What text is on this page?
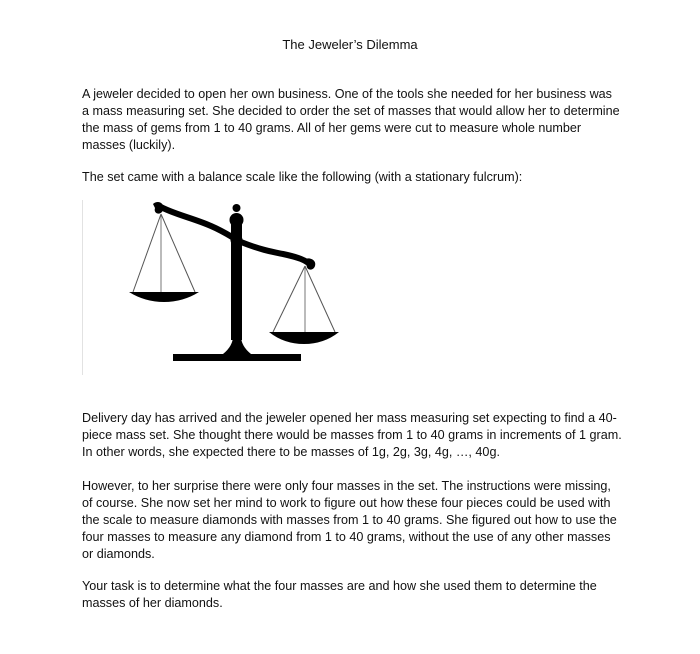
The Jeweler’s Dilemma

A jeweler decided to open her own business. One of the tools she needed for her business was a mass measuring set. She decided to order the set of masses that would allow her to determine the mass of gems from 1 to 40 grams. All of her gems were cut to measure whole number masses (luckily).

The set came with a balance scale like the following (with a stationary fulcrum):

Delivery day has arrived and the jeweler opened her mass measuring set expecting to find a 40-piece mass set. She thought there would be masses from 1 to 40 grams in increments of 1 gram. In other words, she expected there to be masses of 1g, 2g, 3g, 4g, …, 40g.

However, to her surprise there were only four masses in the set. The instructions were missing, of course. She now set her mind to work to figure out how these four pieces could be used with the scale to measure diamonds with masses from 1 to 40 grams. She figured out how to use the four masses to measure any diamond from 1 to 40 grams, without the use of any other masses or diamonds.

Your task is to determine what the four masses are and how she used them to determine the masses of her diamonds.
